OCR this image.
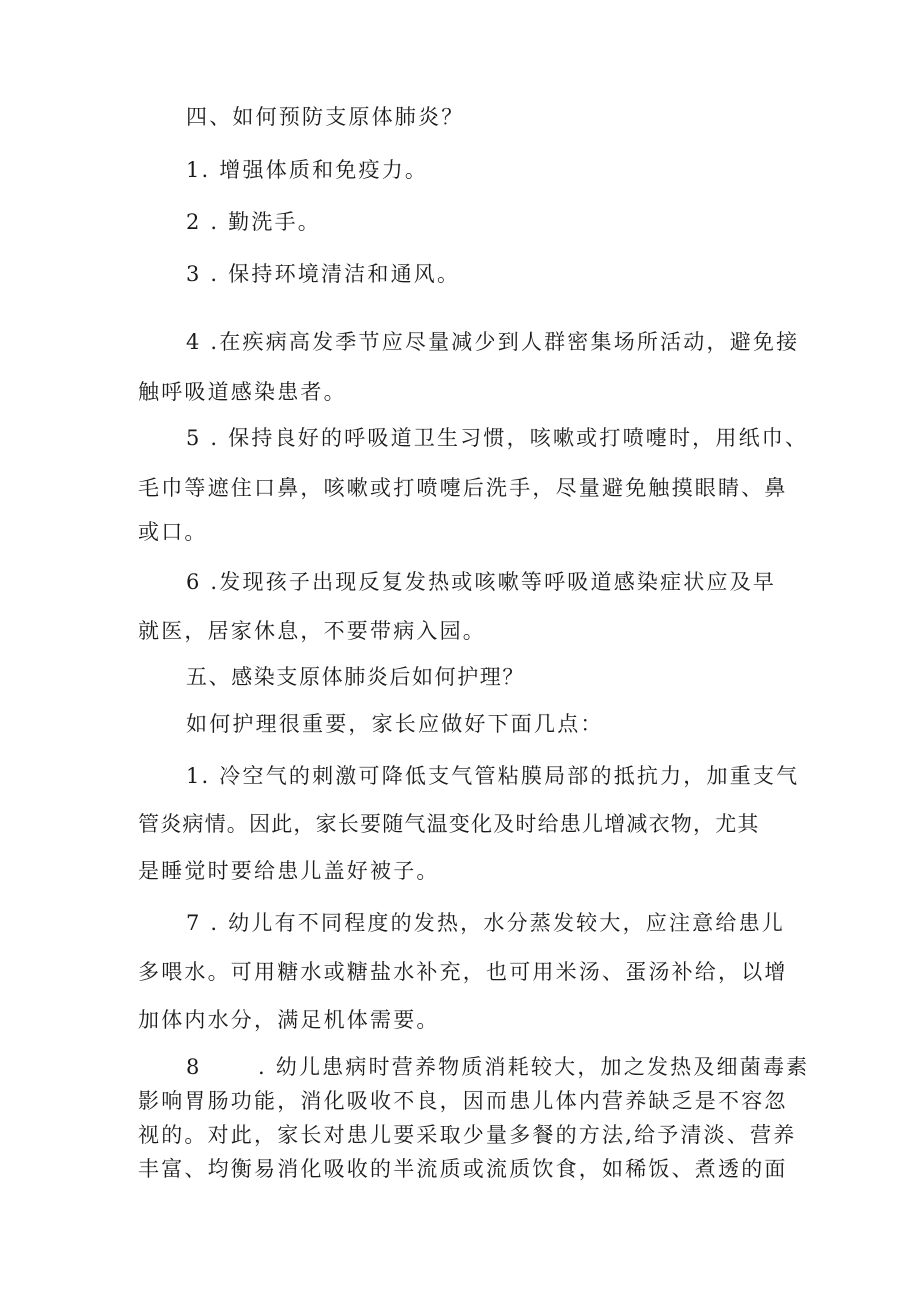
四、如何预防支原体肺炎？
1. 增强体质和免疫力。
2 . 勤洗手。
3 . 保持环境清洁和通风。
4 .在疾病高发季节应尽量减少到人群密集场所活动，避免接
触呼吸道感染患者。
5 . 保持良好的呼吸道卫生习惯，咳嗽或打喷嚏时，用纸巾、
毛巾等遮住口鼻，咳嗽或打喷嚏后洗手，尽量避免触摸眼睛、鼻
或口。
6 .发现孩子出现反复发热或咳嗽等呼吸道感染症状应及早
就医，居家休息，不要带病入园。
五、感染支原体肺炎后如何护理？
如何护理很重要，家长应做好下面几点：
1. 冷空气的刺激可降低支气管粘膜局部的抵抗力，加重支气
管炎病情。因此，家长要随气温变化及时给患儿增减衣物，尤其
是睡觉时要给患儿盖好被子。
7 . 幼儿有不同程度的发热，水分蒸发较大，应注意给患儿
多喂水。可用糖水或糖盐水补充，也可用米汤、蛋汤补给，以增
加体内水分，满足机体需要。
8	. 幼儿患病时营养物质消耗较大，加之发热及细菌毒素
影响胃肠功能，消化吸收不良，因而患儿体内营养缺乏是不容忽
视的。对此，家长对患儿要采取少量多餐的方法,给予清淡、营养
丰富、均衡易消化吸收的半流质或流质饮食，如稀饭、煮透的面
